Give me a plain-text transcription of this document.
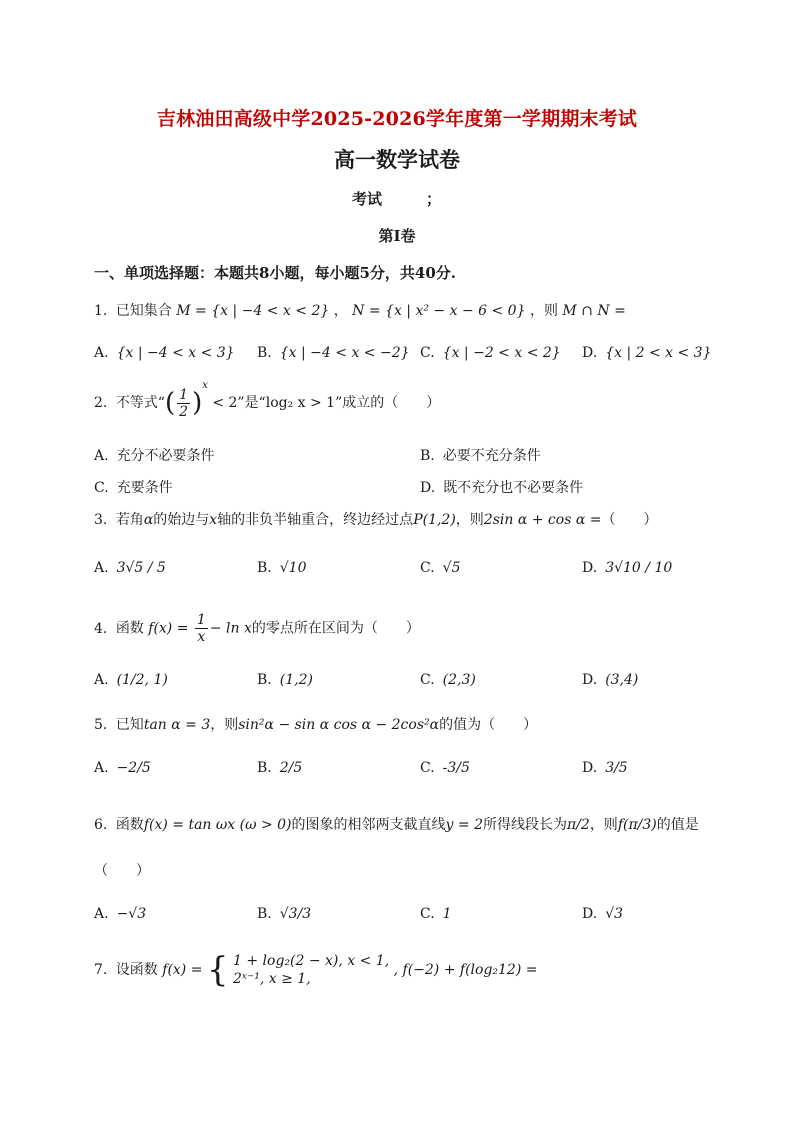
吉林油田高级中学2025-2026学年度第一学期期末考试
高一数学试卷
考试	；
第I卷
一、单项选择题：本题共8小题，每小题5分，共40分.
1. 已知集合 M = {x | −4 < x < 2} ， N = {x | x² − x − 6 < 0} ，则 M ∩ N =
A. {x | −4 < x < 3} B. {x | −4 < x < −2} C. {x | −2 < x < 2} D. {x | 2 < x < 3}
2. 不等式“( $\frac{1}{2} )^x < 2$”是“log₂ x > 1”成立的（　　）
A. 充分不必要条件	B. 必要不充分条件
C. 充要条件	D. 既不充分也不必要条件
3. 若角α的始边与x轴的非负半轴重合，终边经过点P(1,2)，则2sin α + cos α =（　　）
A. 3√5 / 5	B. √10	C. √5	D. 3√10 / 10
4. 函数 $f(x) = \frac{1}{x} - \ln x$的零点所在区间为（　　）
A. (1/2, 1)	B. (1,2)	C. (2,3)	D. (3,4)
5. 已知tan α = 3，则sin²α − sin α cos α − 2cos²α的值为（　　）
A. −2/5	B. 2/5	C. -3/5	D. 3/5
6. 函数f(x) = tan ωx (ω > 0)的图象的相邻两支截直线y = 2所得线段长为π/2，则f(π/3)的值是
（　　）
A. −√3	B. √3/3	C. 1	D. √3
7. 设函数 f(x) = { 1 + log₂(2 − x), x < 1,
2ˣ⁻¹, x ≥ 1,
, f(−2) + f(log₂12) =
